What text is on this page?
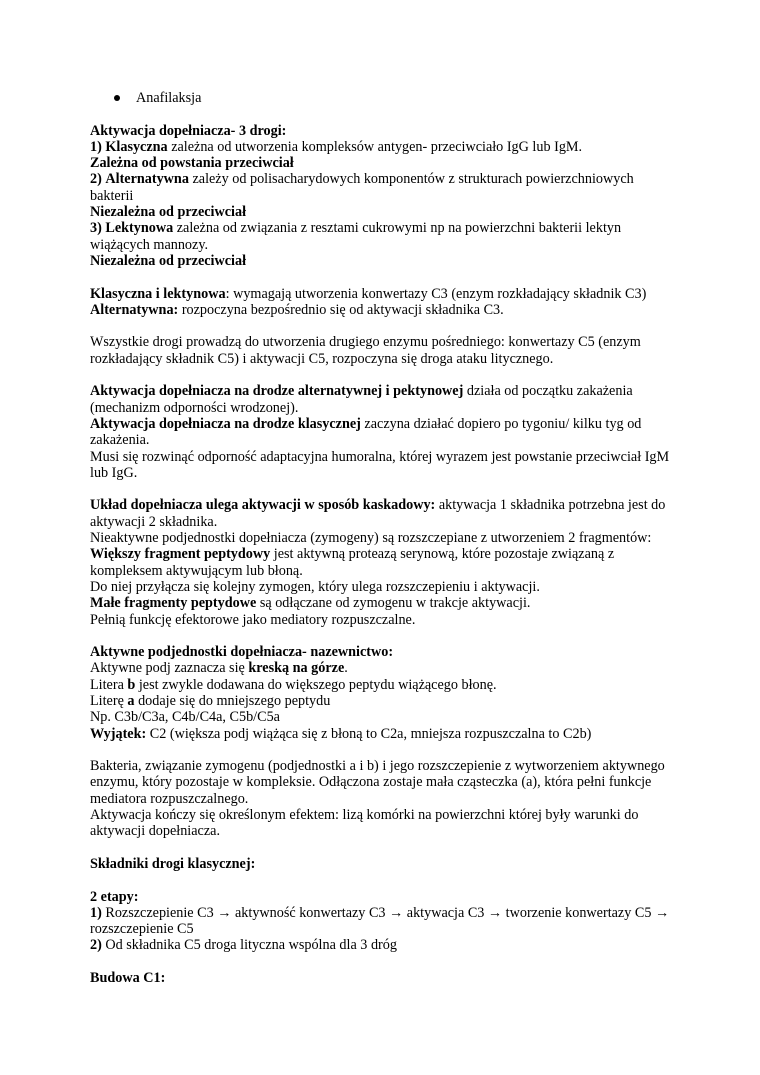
Anafilaksja

Aktywacja dopełniacza- 3 drogi:

1) Klasyczna zależna od utworzenia kompleksów antygen- przeciwciało IgG lub IgM.

Zależna od powstania przeciwciał

2) Alternatywna zależy od polisacharydowych komponentów z strukturach powierzchniowych bakterii

Niezależna od przeciwciał

3) Lektynowa zależna od związania z resztami cukrowymi np na powierzchni bakterii lektyn wiążących mannozy.

Niezależna od przeciwciał

Klasyczna i lektynowa: wymagają utworzenia konwertazy C3 (enzym rozkładający składnik C3)

Alternatywna: rozpoczyna bezpośrednio się od aktywacji składnika C3.

Wszystkie drogi prowadzą do utworzenia drugiego enzymu pośredniego: konwertazy C5 (enzym rozkładający składnik C5) i aktywacji C5, rozpoczyna się droga ataku litycznego.

Aktywacja dopełniacza na drodze alternatywnej i pektynowej działa od początku zakażenia (mechanizm odporności wrodzonej).

Aktywacja dopełniacza na drodze klasycznej zaczyna działać dopiero po tygoniu/ kilku tyg od zakażenia.

Musi się rozwinąć odporność adaptacyjna humoralna, której wyrazem jest powstanie przeciwciał IgM lub IgG.

Układ dopełniacza ulega aktywacji w sposób kaskadowy: aktywacja 1 składnika potrzebna jest do aktywacji 2 składnika.

Nieaktywne podjednostki dopełniacza (zymogeny) są rozszczepiane z utworzeniem 2 fragmentów:

Większy fragment peptydowy jest aktywną proteazą serynową, które pozostaje związaną z kompleksem aktywującym lub błoną.

Do niej przyłącza się kolejny zymogen, który ulega rozszczepieniu i aktywacji.

Małe fragmenty peptydowe są odłączane od zymogenu w trakcje aktywacji.

Pełnią funkcję efektorowe jako mediatory rozpuszczalne.

Aktywne podjednostki dopełniacza- nazewnictwo:

Aktywne podj zaznacza się kreską na górze.

Litera b jest zwykle dodawana do większego peptydu wiążącego błonę.

Literę a dodaje się do mniejszego peptydu

Np. C3b/C3a, C4b/C4a, C5b/C5a

Wyjątek: C2 (większa podj wiążąca się z błoną to C2a, mniejsza rozpuszczalna to C2b)

Bakteria, związanie zymogenu (podjednostki a i b) i jego rozszczepienie z wytworzeniem aktywnego enzymu, który pozostaje w kompleksie. Odłączona zostaje mała cząsteczka (a), która pełni funkcje mediatora rozpuszczalnego.

Aktywacja kończy się określonym efektem: lizą komórki na powierzchni której były warunki do aktywacji dopełniacza.

Składniki drogi klasycznej:

2 etapy:

1) Rozszczepienie C3 → aktywność konwertazy C3 → aktywacja C3 → tworzenie konwertazy C5 → rozszczepienie C5

2) Od składnika C5 droga lityczna wspólna dla 3 dróg

Budowa C1:
